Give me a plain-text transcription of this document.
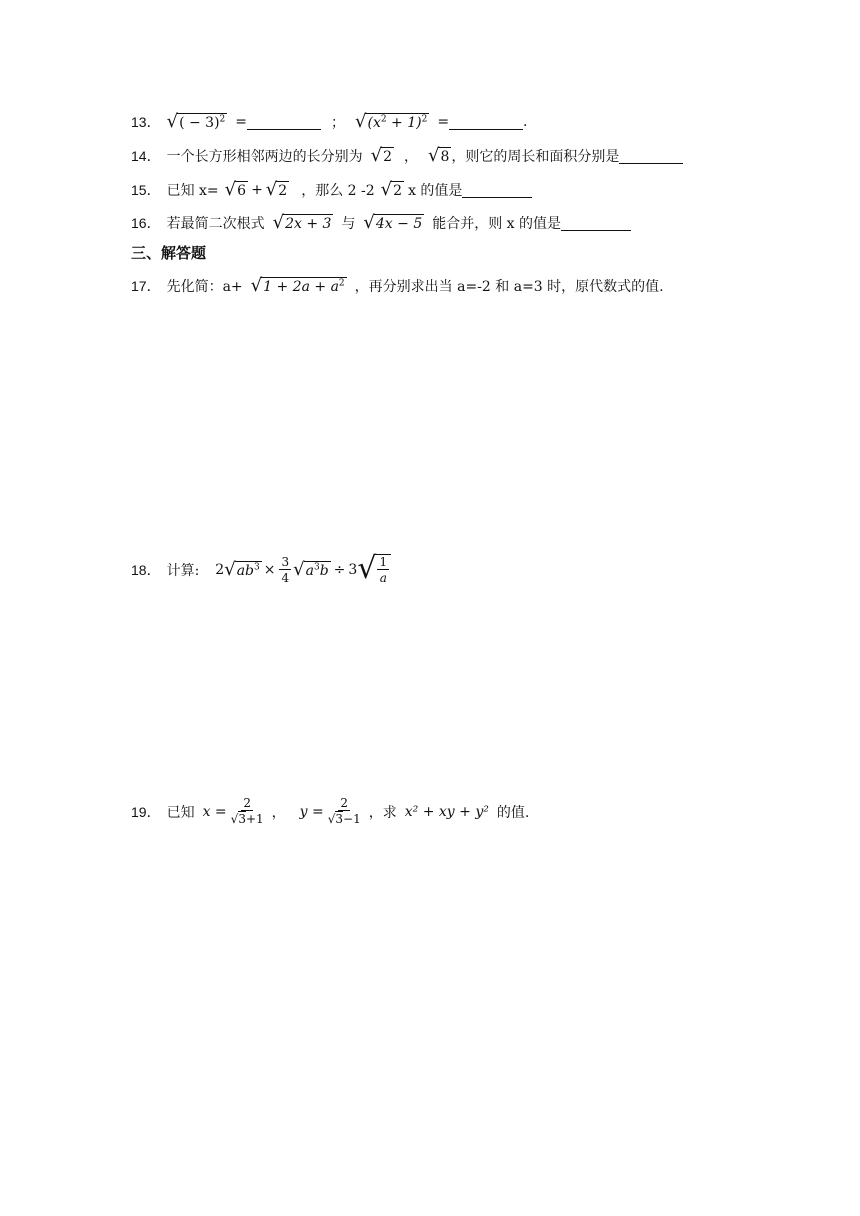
13． √ ( − 3)$^2$ =	； √ $(x^2 + 1)^2$ =	.
14． 一个长方形相邻两边的长分别为 √ 2 ， √ 8 ，则它的周长和面积分别是
15． 已知 x= √ 6 + √ 2 ，那么 2 -2 √ 2 x 的值是
16． 若最简二次根式 √ 2x + 3 与 √ 4x − 5 能合并，则 x 的值是
三、解答题
17． 先化简：a+ √ $1 + 2a + a^2$ ，再分别求出当 a=-2 和 a=3 时，原代数式的值.
18． 计算: 2 √ $ab^3 \times \frac{3}{4}$ √ $a^3b \div 3$ √ $\frac{1}{a}$
19． 已知 $x = \frac{2}{√3+1}$ ， $y = \frac{2}{√3-1}$ ，求 x² + xy + y² 的值.
